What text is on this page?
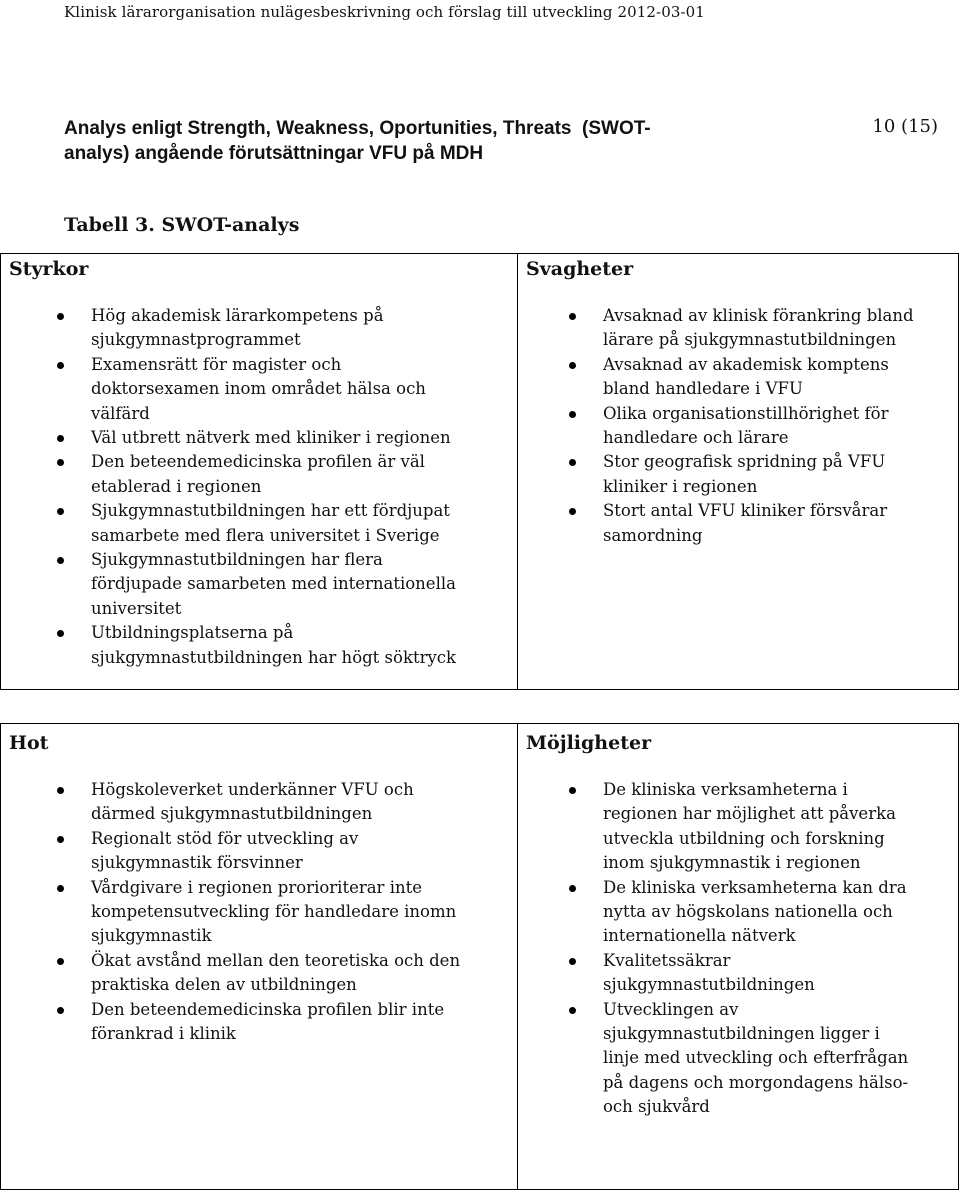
Klinisk lärarorganisation nulägesbeskrivning och förslag till utveckling 2012-03-01
Analys enligt Strength, Weakness, Oportunities, Threats  (SWOT-
analys) angående förutsättningar VFU på MDH
10 (15)
Tabell 3. SWOT-analys
Styrkor
Hög akademisk lärarkompetens på
sjukgymnastprogrammet
Examensrätt för magister och
doktorsexamen inom området hälsa och
välfärd
Väl utbrett nätverk med kliniker i regionen
Den beteendemedicinska profilen är väl
etablerad i regionen
Sjukgymnastutbildningen har ett fördjupat
samarbete med flera universitet i Sverige
Sjukgymnastutbildningen har flera
fördjupade samarbeten med internationella
universitet
Utbildningsplatserna på
sjukgymnastutbildningen har högt söktryck
Svagheter
Avsaknad av klinisk förankring bland
lärare på sjukgymnastutbildningen
Avsaknad av akademisk komptens
bland handledare i VFU
Olika organisationstillhörighet för
handledare och lärare
Stor geografisk spridning på VFU
kliniker i regionen
Stort antal VFU kliniker försvårar
samordning
Hot
Högskoleverket underkänner VFU och
därmed sjukgymnastutbildningen
Regionalt stöd för utveckling av
sjukgymnastik försvinner
Vårdgivare i regionen prorioriterar inte
kompetensutveckling för handledare inomn
sjukgymnastik
Ökat avstånd mellan den teoretiska och den
praktiska delen av utbildningen
Den beteendemedicinska profilen blir inte
förankrad i klinik
Möjligheter
De kliniska verksamheterna i
regionen har möjlighet att påverka
utveckla utbildning och forskning
inom sjukgymnastik i regionen
De kliniska verksamheterna kan dra
nytta av högskolans nationella och
internationella nätverk
Kvalitetssäkrar
sjukgymnastutbildningen
Utvecklingen av
sjukgymnastutbildningen ligger i
linje med utveckling och efterfrågan
på dagens och morgondagens hälso-
och sjukvård
